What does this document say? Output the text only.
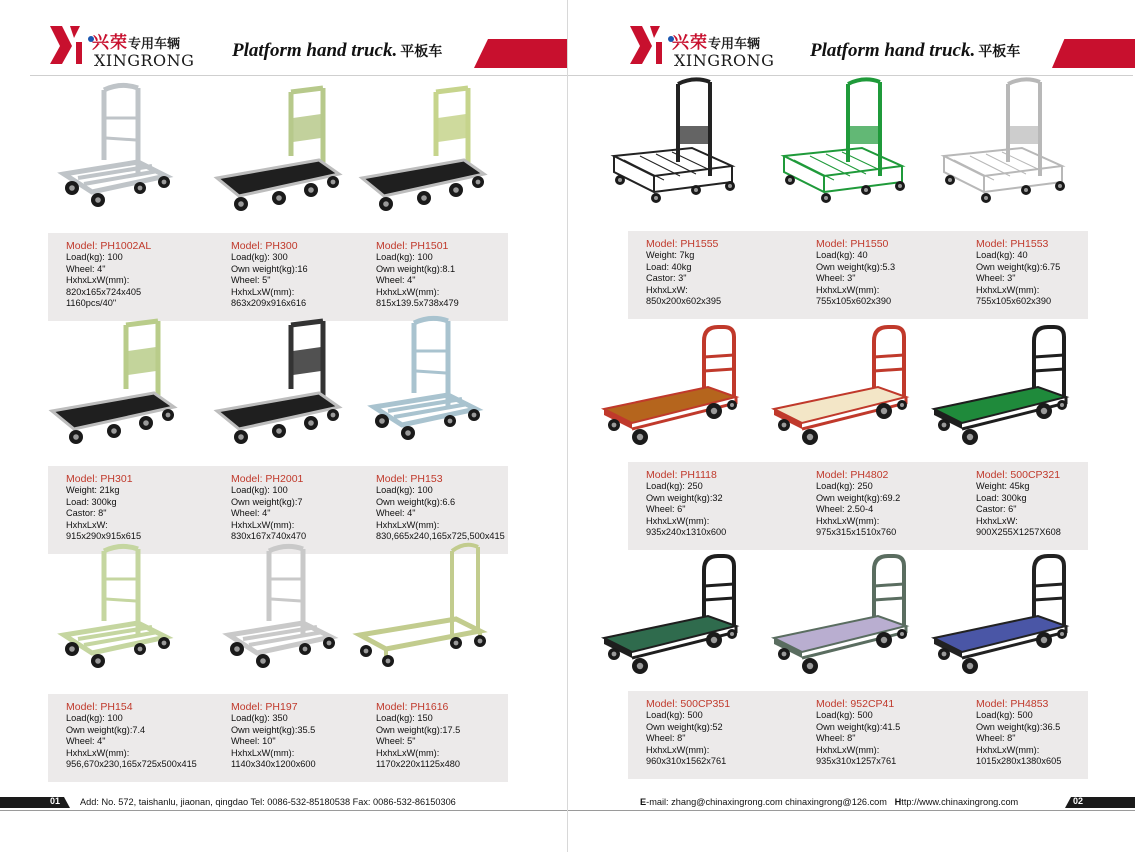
兴荣专用车辆
XINGRONG Platform hand truck. 平板车
Model: PH1002AL
Load(kg): 100
Wheel: 4"
HxhxLxW(mm):
820x165x724x405
1160pcs/40"
Model: PH300
Load(kg): 300
Own weight(kg):16
Wheel: 5"
HxhxLxW(mm):
863x209x916x616
Model: PH1501
Load(kg): 100
Own weight(kg):8.1
Wheel: 4"
HxhxLxW(mm):
815x139.5x738x479
Model: PH301
Weight: 21kg
Load: 300kg
Castor: 8"
HxhxLxW:
915x290x915x615
Model: PH2001
Load(kg): 100
Own weight(kg):7
Wheel: 4"
HxhxLxW(mm):
830x167x740x470
Model: PH153
Load(kg): 100
Own weight(kg):6.6
Wheel: 4"
HxhxLxW(mm):
830,665x240,165x725,500x415
Model: PH154
Load(kg): 100
Own weight(kg):7.4
Wheel: 4"
HxhxLxW(mm):
956,670x230,165x725x500x415
Model: PH197
Load(kg): 350
Own weight(kg):35.5
Wheel: 10"
HxhxLxW(mm):
1140x340x1200x600
Model: PH1616
Load(kg): 150
Own weight(kg):17.5
Wheel: 5"
HxhxLxW(mm):
1170x220x1125x480
01 Add: No. 572, taishanlu, jiaonan, qingdao Tel: 0086-532-85180538 Fax: 0086-532-86150306
兴荣专用车辆
XINGRONG Platform hand truck. 平板车
Model: PH1555
Weight: 7kg
Load: 40kg
Castor: 3"
HxhxLxW:
850x200x602x395
Model: PH1550
Load(kg): 40
Own weight(kg):5.3
Wheel: 3"
HxhxLxW(mm):
755x105x602x390
Model: PH1553
Load(kg): 40
Own weight(kg):6.75
Wheel: 3"
HxhxLxW(mm):
755x105x602x390
Model: PH1118
Load(kg): 250
Own weight(kg):32
Wheel: 6"
HxhxLxW(mm):
935x240x1310x600
Model: PH4802
Load(kg): 250
Own weight(kg):69.2
Wheel: 2.50-4
HxhxLxW(mm):
975x315x1510x760
Model: 500CP321
Weight: 45kg
Load: 300kg
Castor: 6"
HxhxLxW:
900X255X1257X608
Model: 500CP351
Load(kg): 500
Own weight(kg):52
Wheel: 8"
HxhxLxW(mm):
960x310x1562x761
Model: 952CP41
Load(kg): 500
Own weight(kg):41.5
Wheel: 8"
HxhxLxW(mm):
935x310x1257x761
Model: PH4853
Load(kg): 500
Own weight(kg):36.5
Wheel: 8"
HxhxLxW(mm):
1015x280x1380x605
E-mail: zhang@chinaxingrong.com chinaxingrong@126.com Http://www.chinaxingrong.com	02
